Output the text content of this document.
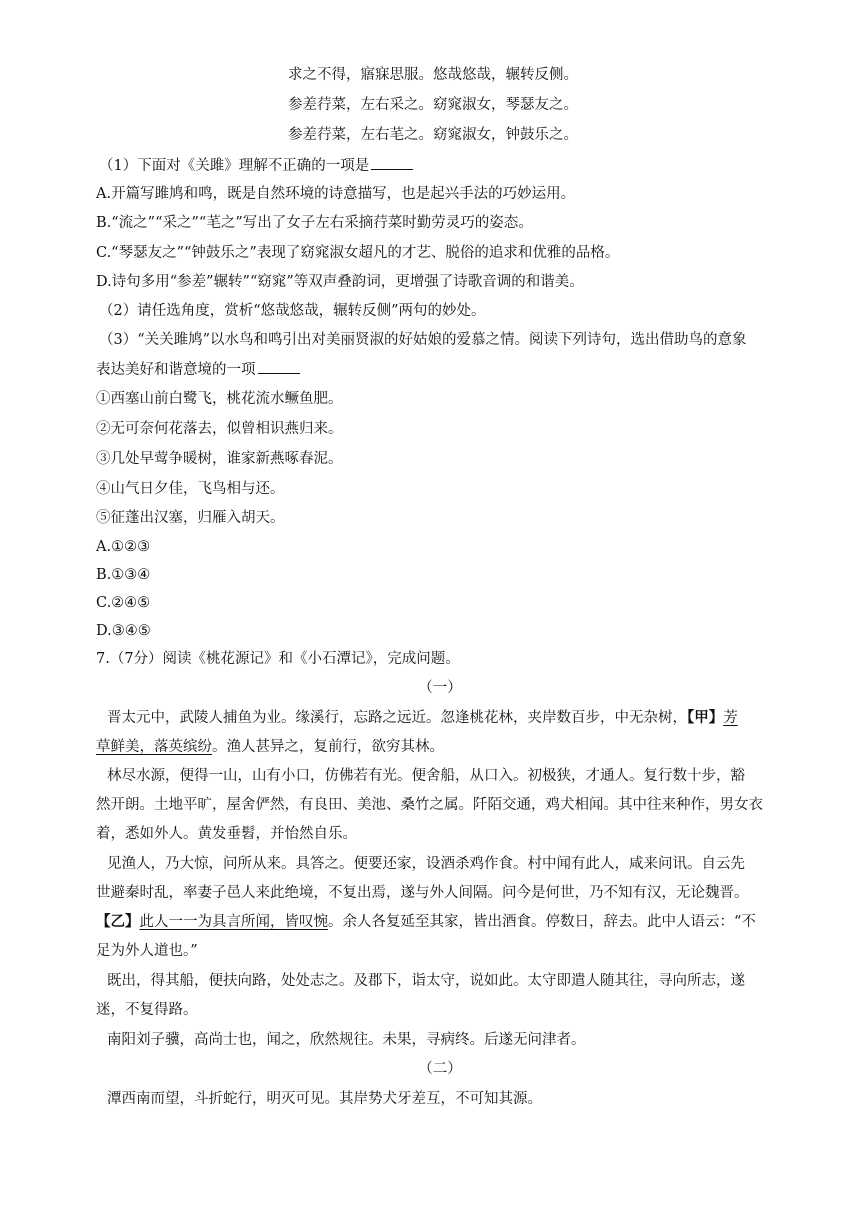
求之不得，寤寐思服。悠哉悠哉，辗转反侧。
参差荇菜，左右采之。窈窕淑女，琴瑟友之。
参差荇菜，左右芼之。窈窕淑女，钟鼓乐之。
（1）下面对《关雎》理解不正确的一项是
A.开篇写雎鸠和鸣，既是自然环境的诗意描写，也是起兴手法的巧妙运用。
B.“流之”“采之”“芼之”写出了女子左右采摘荇菜时勤劳灵巧的姿态。
C.“琴瑟友之”“钟鼓乐之”表现了窈窕淑女超凡的才艺、脱俗的追求和优雅的品格。
D.诗句多用“参差”辗转”“窈窕”等双声叠韵词，更增强了诗歌音调的和谐美。
（2）请任选角度，赏析“悠哉悠哉，辗转反侧”两句的妙处。
（3）“关关雎鸠”以水鸟和鸣引出对美丽贤淑的好姑娘的爱慕之情。阅读下列诗句，选出借助鸟的意象
表达美好和谐意境的一项
①西塞山前白鹭飞，桃花流水鳜鱼肥。
②无可奈何花落去，似曾相识燕归来。
③几处早莺争暖树，谁家新燕啄春泥。
④山气日夕佳，飞鸟相与还。
⑤征蓬出汉塞，归雁入胡天。
A.①②③
B.①③④
C.②④⑤
D.③④⑤
7.（7分）阅读《桃花源记》和《小石潭记》，完成问题。
（一）
晋太元中，武陵人捕鱼为业。缘溪行，忘路之远近。忽逢桃花林，夹岸数百步，中无杂树，【甲】芳
草鲜美，落英缤纷。渔人甚异之，复前行，欲穷其林。
林尽水源，便得一山，山有小口，仿佛若有光。便舍船，从口入。初极狭，才通人。复行数十步，豁
然开朗。土地平旷，屋舍俨然，有良田、美池、桑竹之属。阡陌交通，鸡犬相闻。其中往来种作，男女衣
着，悉如外人。黄发垂髫，并怡然自乐。
见渔人，乃大惊，问所从来。具答之。便要还家，设酒杀鸡作食。村中闻有此人，咸来问讯。自云先
世避秦时乱，率妻子邑人来此绝境，不复出焉，遂与外人间隔。问今是何世，乃不知有汉，无论魏晋。
【乙】此人一一为具言所闻，皆叹惋。余人各复延至其家，皆出酒食。停数日，辞去。此中人语云：“不
足为外人道也。”
既出，得其船，便扶向路，处处志之。及郡下，诣太守，说如此。太守即遣人随其往，寻向所志，遂
迷，不复得路。
南阳刘子骥，高尚士也，闻之，欣然规往。未果，寻病终。后遂无问津者。
（二）
潭西南而望，斗折蛇行，明灭可见。其岸势犬牙差互，不可知其源。
